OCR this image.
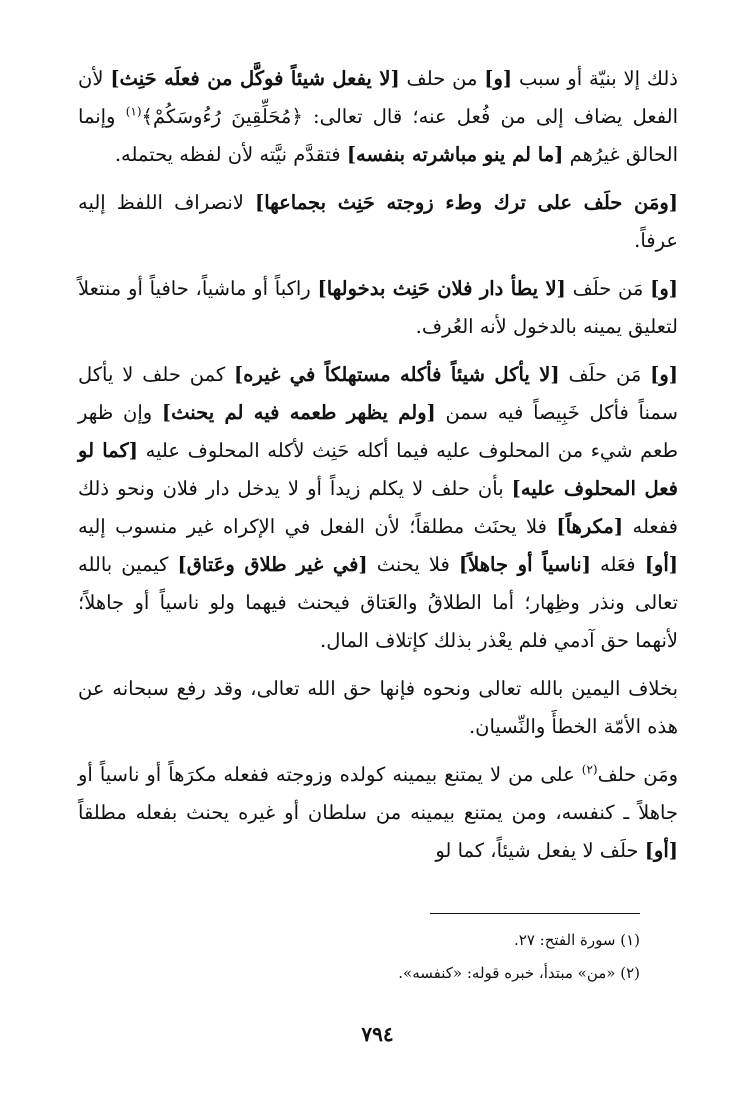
ذلك إلا بنيّة أو سبب [و] من حلف [لا يفعل شيئاً فوكَّل من فعلَه حَنِث] لأن الفعل يضاف إلى من فُعل عنه؛ قال تعالى: ﴿مُحَلِّقِينَ رُءُوسَكُمْ﴾$^{(١)}$ وإنما الحالق غيرُهم [ما لم ينو مباشرته بنفسه] فتقدَّم نيَّته لأن لفظه يحتمله.

[ومَن حلَف على ترك وطء زوجته حَنِث بجماعها] لانصراف اللفظ إليه عرفاً.

[و] مَن حلَف [لا يطأ دار فلان حَنِث بدخولها] راكباً أو ماشياً، حافياً أو منتعلاً لتعليق يمينه بالدخول لأنه العُرف.

[و] مَن حلَف [لا يأكل شيئاً فأكله مستهلكاً في غيره] كمن حلف لا يأكل سمناً فأكل خَبِيصاً فيه سمن [ولم يظهر طعمه فيه لم يحنث] وإن ظهر طعم شيء من المحلوف عليه فيما أكله حَنِث لأكله المحلوف عليه [كما لو فعل المحلوف عليه] بأن حلف لا يكلم زيداً أو لا يدخل دار فلان ونحو ذلك ففعله [مكرهاً] فلا يحنَث مطلقاً؛ لأن الفعل في الإكراه غير منسوب إليه [أو] فعَله [ناسياً أو جاهلاً] فلا يحنث [في غير طلاق وعَتاق] كيمين بالله تعالى ونذر وظِهار؛ أما الطلاقُ والعَتاق فيحنث فيهما ولو ناسياً أو جاهلاً؛ لأنهما حق آدمي فلم يعْذر بذلك كإتلاف المال.

بخلاف اليمين بالله تعالى ونحوه فإنها حق الله تعالى، وقد رفع سبحانه عن هذه الأمّة الخطأَ والنِّسيان.

ومَن حلف$^{(٢)}$ على من لا يمتنع بيمينه كولده وزوجته ففعله مكرَهاً أو ناسياً أو جاهلاً ـ كنفسه، ومن يمتنع بيمينه من سلطان أو غيره يحنث بفعله مطلقاً [أو] حلَف لا يفعل شيئاً، كما لو

(١) سورة الفتح: ٢٧.
(٢) «من» مبتدأ، خبره قوله: «كنفسه».
٧٩٤
